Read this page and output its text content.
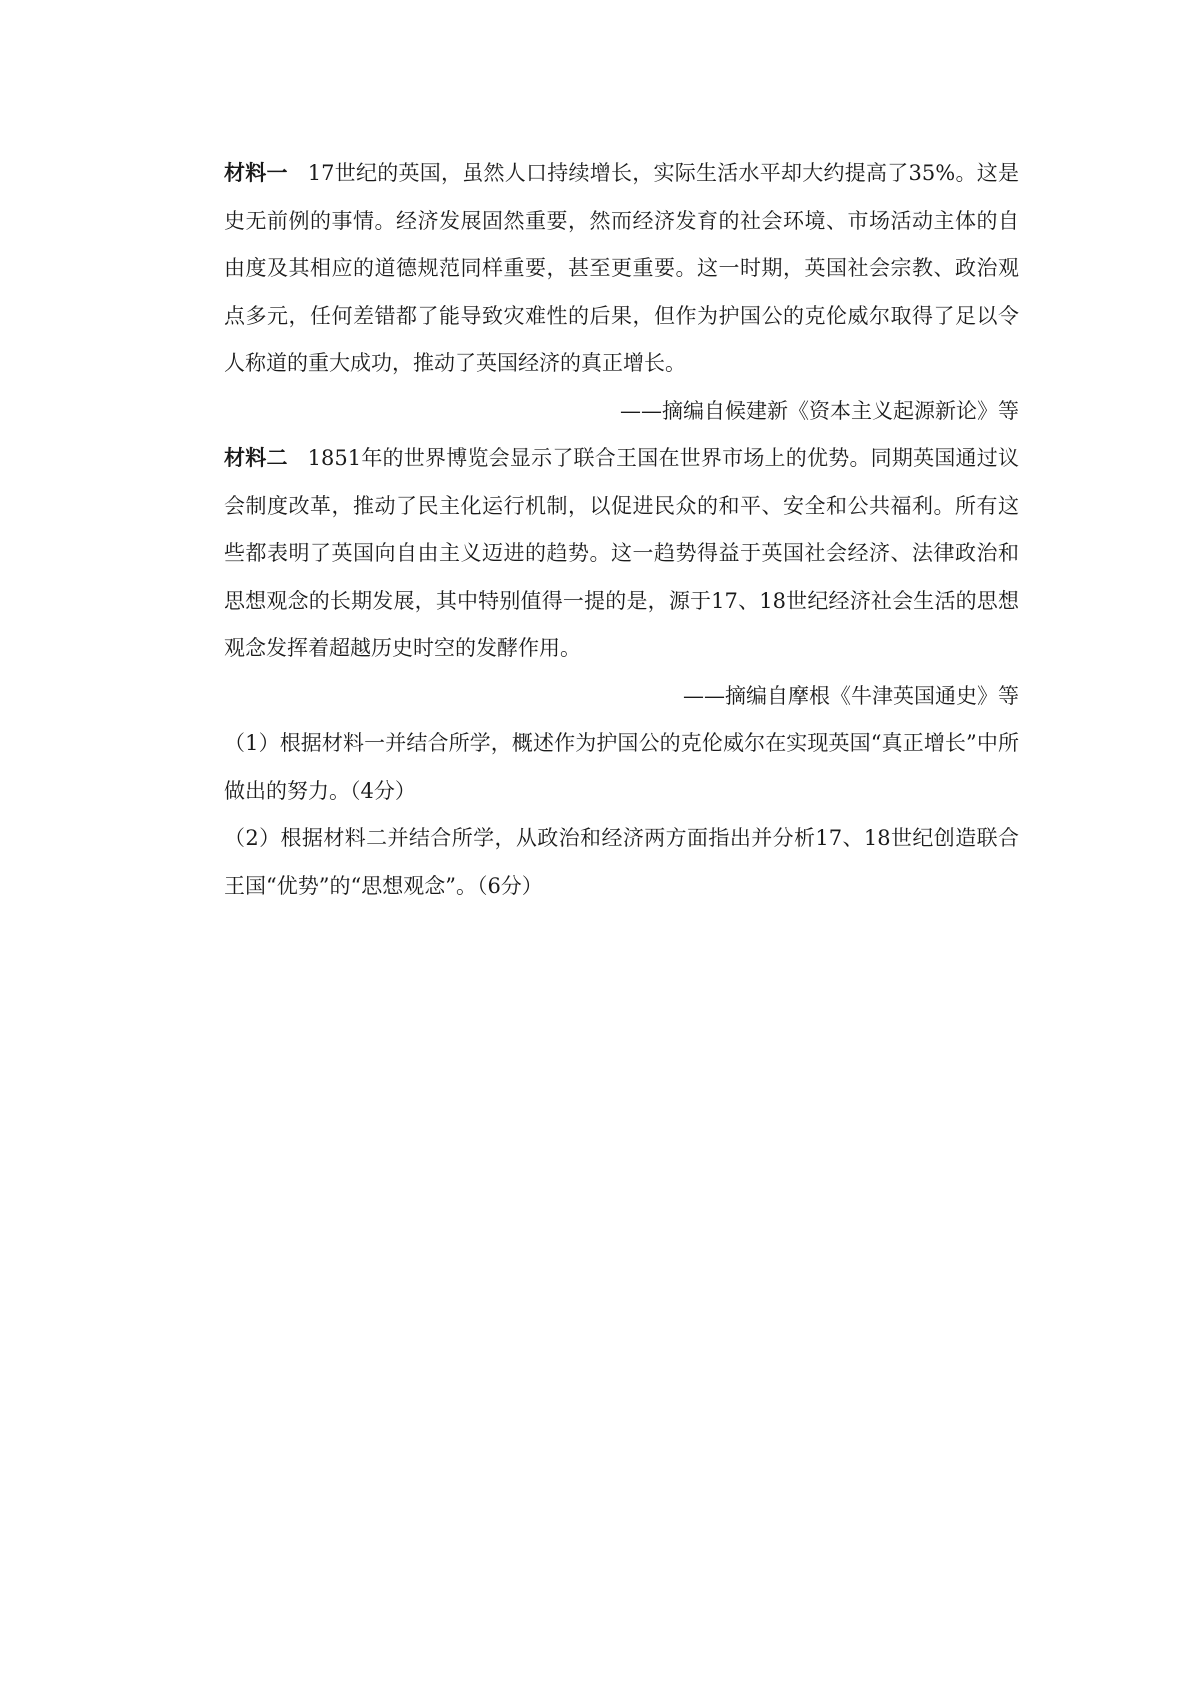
材料一 17世纪的英国，虽然人口持续增长，实际生活水平却大约提高了35%。这是史无前例的事情。经济发展固然重要，然而经济发育的社会环境、市场活动主体的自由度及其相应的道德规范同样重要，甚至更重要。这一时期，英国社会宗教、政治观点多元，任何差错都了能导致灾难性的后果，但作为护国公的克伦威尔取得了足以令人称道的重大成功，推动了英国经济的真正增长。

——摘编自候建新《资本主义起源新论》等

材料二 1851年的世界博览会显示了联合王国在世界市场上的优势。同期英国通过议会制度改革，推动了民主化运行机制，以促进民众的和平、安全和公共福利。所有这些都表明了英国向自由主义迈进的趋势。这一趋势得益于英国社会经济、法律政治和思想观念的长期发展，其中特别值得一提的是，源于17、18世纪经济社会生活的思想观念发挥着超越历史时空的发酵作用。

——摘编自摩根《牛津英国通史》等

（1）根据材料一并结合所学，概述作为护国公的克伦威尔在实现英国“真正增长”中所做出的努力。（4分）

（2）根据材料二并结合所学，从政治和经济两方面指出并分析17、18世纪创造联合王国“优势”的“思想观念”。（6分）
